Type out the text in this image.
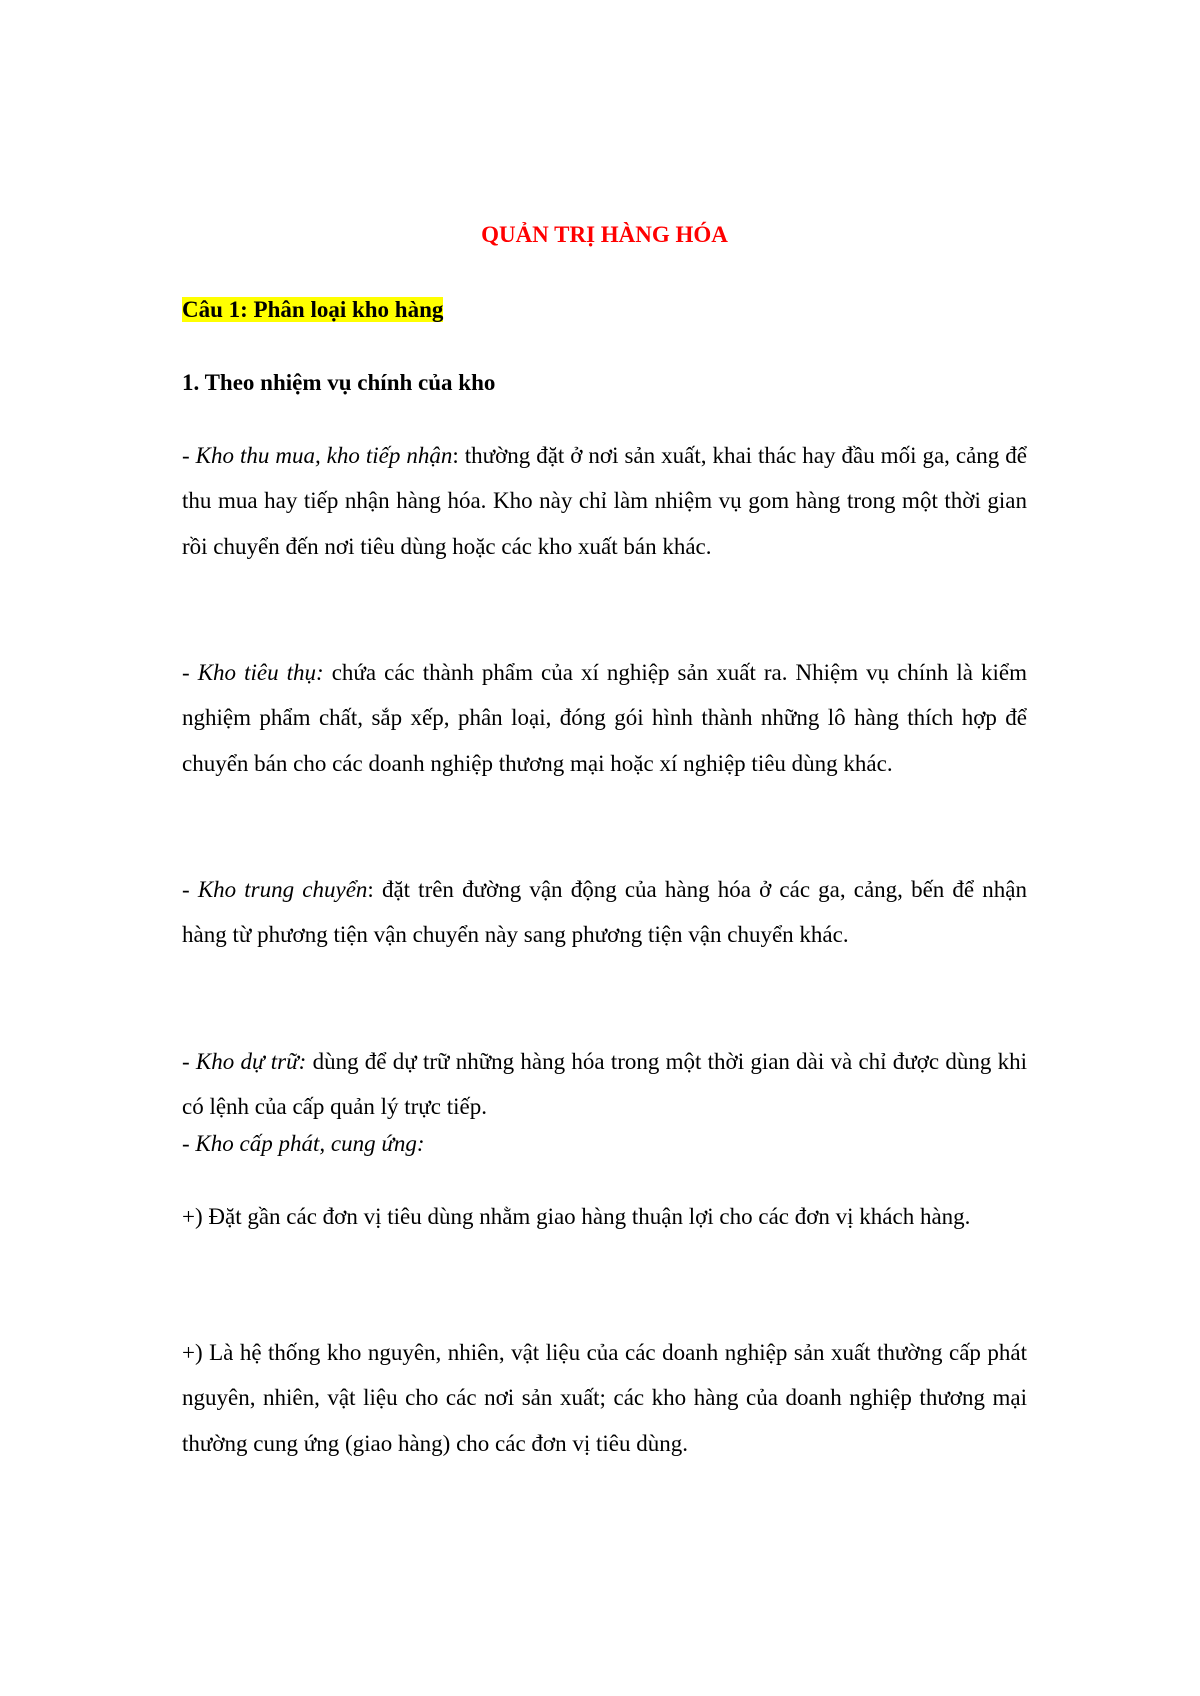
QUẢN TRỊ HÀNG HÓA
Câu 1: Phân loại kho hàng
1. Theo nhiệm vụ chính của kho

- Kho thu mua, kho tiếp nhận: thường đặt ở nơi sản xuất, khai thác hay đầu mối ga, cảng để thu mua hay tiếp nhận hàng hóa. Kho này chỉ làm nhiệm vụ gom hàng trong một thời gian rồi chuyển đến nơi tiêu dùng hoặc các kho xuất bán khác.

- Kho tiêu thụ: chứa các thành phẩm của xí nghiệp sản xuất ra. Nhiệm vụ chính là kiểm nghiệm phẩm chất, sắp xếp, phân loại, đóng gói hình thành những lô hàng thích hợp để chuyển bán cho các doanh nghiệp thương mại hoặc xí nghiệp tiêu dùng khác.

- Kho trung chuyển: đặt trên đường vận động của hàng hóa ở các ga, cảng, bến để nhận hàng từ phương tiện vận chuyển này sang phương tiện vận chuyển khác.

- Kho dự trữ: dùng để dự trữ những hàng hóa trong một thời gian dài và chỉ được dùng khi có lệnh của cấp quản lý trực tiếp.

- Kho cấp phát, cung ứng:

+) Đặt gần các đơn vị tiêu dùng nhằm giao hàng thuận lợi cho các đơn vị khách hàng.

+) Là hệ thống kho nguyên, nhiên, vật liệu của các doanh nghiệp sản xuất thường cấp phát nguyên, nhiên, vật liệu cho các nơi sản xuất; các kho hàng của doanh nghiệp thương mại thường cung ứng (giao hàng) cho các đơn vị tiêu dùng.
